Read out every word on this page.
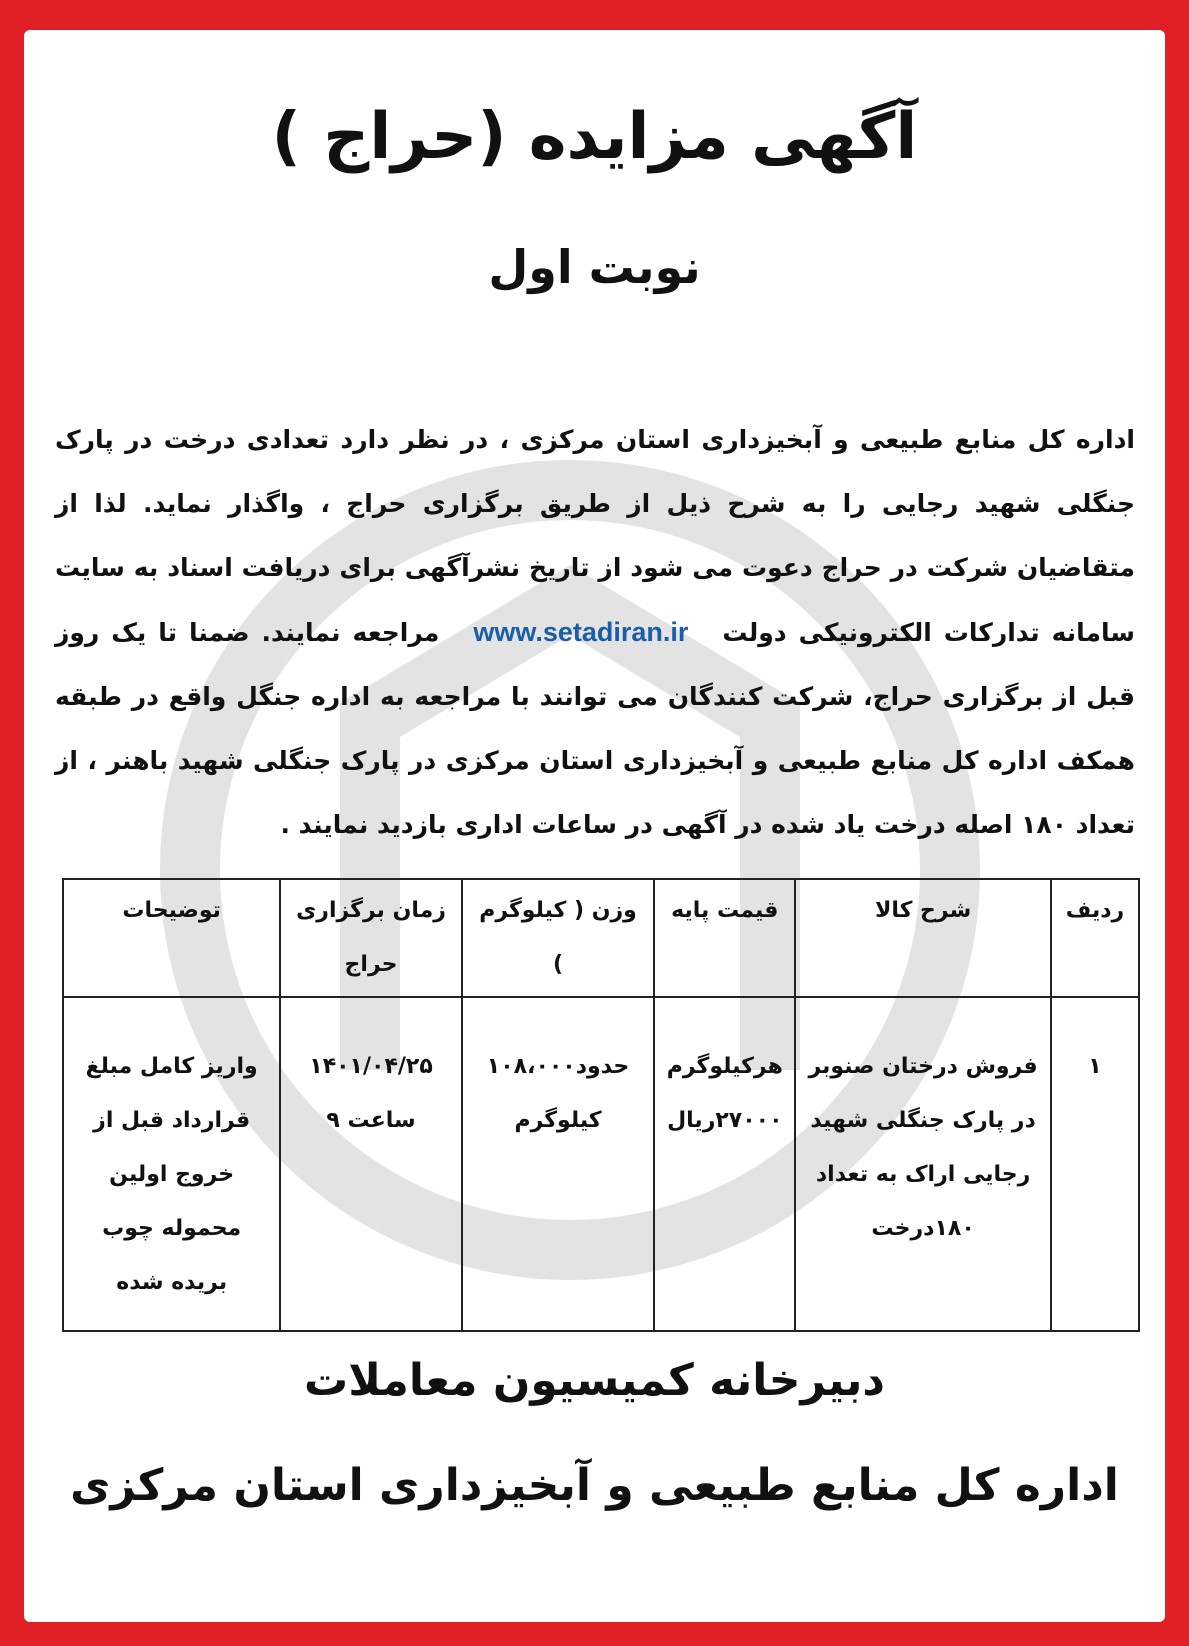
آگهی مزایده (حراج )
نوبت اول
اداره کل منابع طبیعی و آبخیزداری استان مرکزی ، در نظر دارد تعدادی درخت در پارک جنگلی شهید رجایی را به شرح ذیل از طریق برگزاری حراج ، واگذار نماید. لذا از متقاضیان شرکت در حراج دعوت می شود از تاریخ نشرآگهی برای دریافت اسناد به سایت سامانه تدارکات الکترونیکی دولت www.setadiran.ir مراجعه نمایند. ضمنا تا یک روز قبل از برگزاری حراج، شرکت کنندگان می توانند با مراجعه به اداره جنگل واقع در طبقه همکف اداره کل منابع طبیعی و آبخیزداری استان مرکزی در پارک جنگلی شهید باهنر ، از تعداد ۱۸۰ اصله درخت یاد شده در آگهی در ساعات اداری بازدید نمایند .
ردیف	شرح کالا	قیمت پایه	وزن ( کیلوگرم )	زمان برگزاری حراج	توضیحات
۱	فروش درختان صنوبر در پارک جنگلی شهید رجایی اراک به تعداد ۱۸۰درخت	هرکیلوگرم ۲۷۰۰۰ریال	حدود۱۰۸،۰۰۰ کیلوگرم	۱۴۰۱/۰۴/۲۵ ساعت ۹	واریز کامل مبلغ قرارداد قبل از خروج اولین محموله چوب بریده شده
دبیرخانه کمیسیون معاملات
اداره کل منابع طبیعی و آبخیزداری استان مرکزی
